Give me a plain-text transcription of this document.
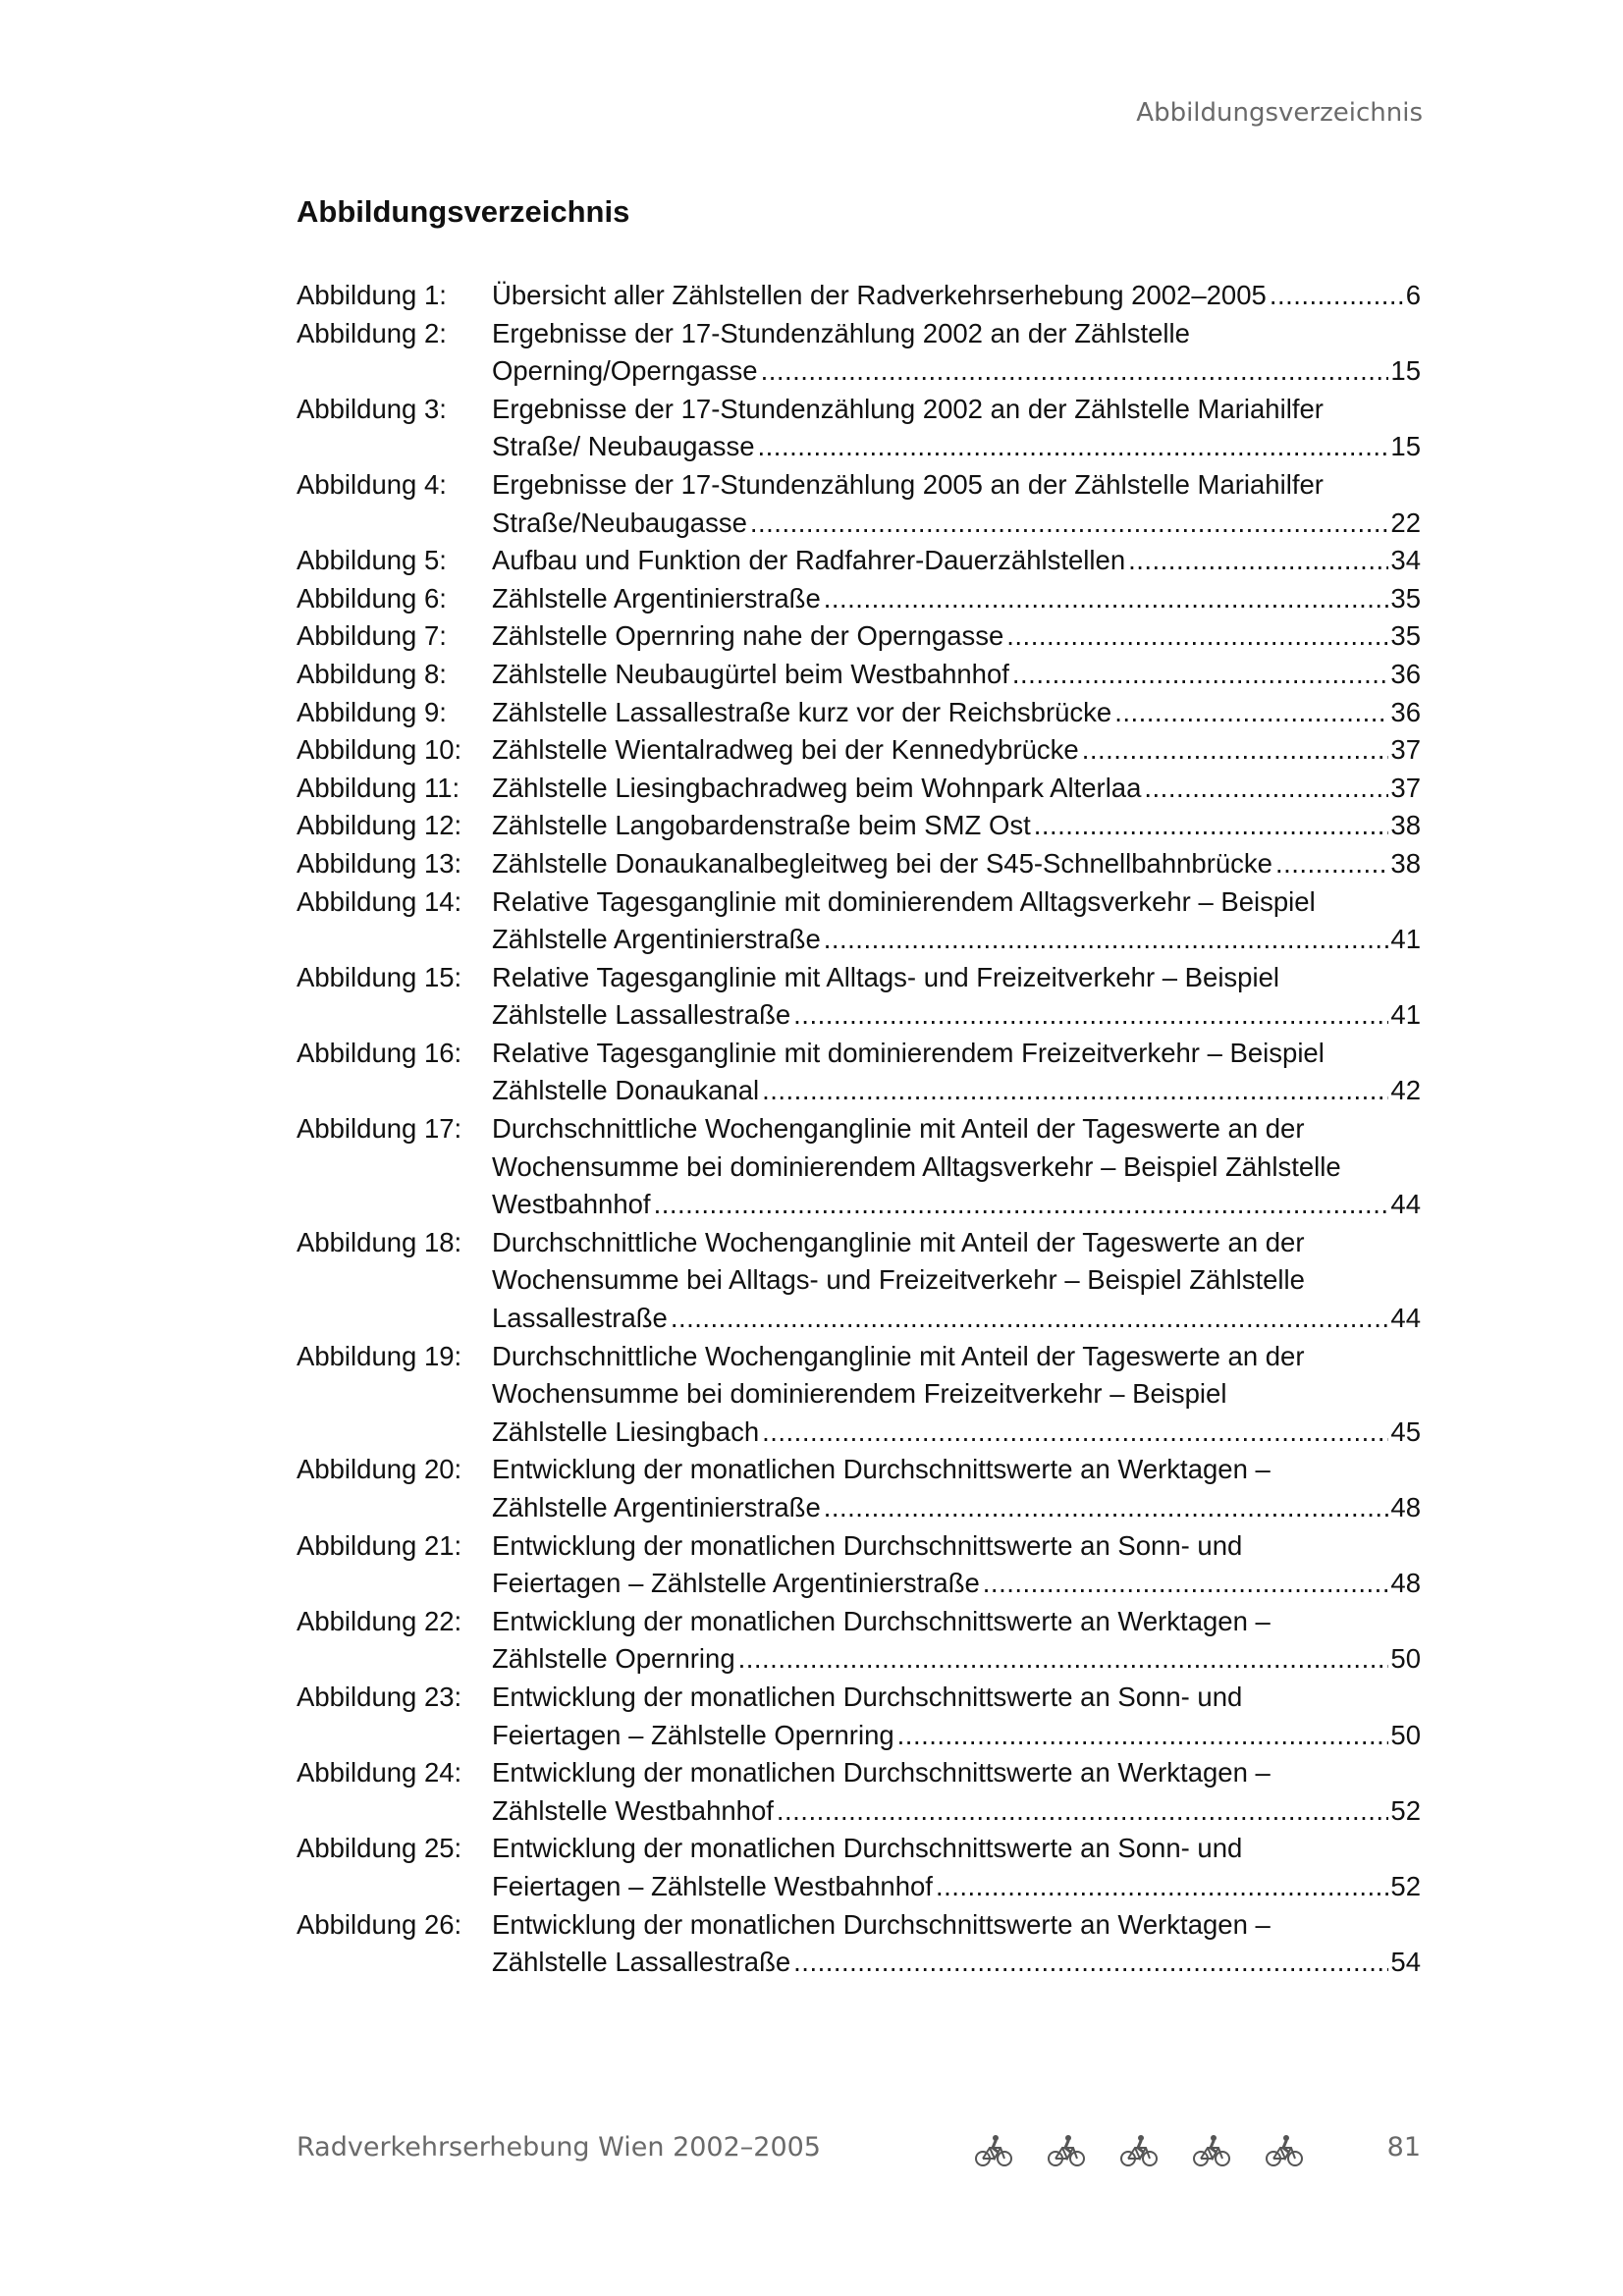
Abbildungsverzeichnis
Abbildungsverzeichnis
Abbildung 1:	Übersicht aller Zählstellen der Radverkehrserhebung 2002–2005 .....	6
Abbildung 2:	Ergebnisse der 17-Stundenzählung 2002 an der Zählstelle
Operning/Operngasse .....	15
Abbildung 3:	Ergebnisse der 17-Stundenzählung 2002 an der Zählstelle Mariahilfer
Straße/ Neubaugasse .....	15
Abbildung 4:	Ergebnisse der 17-Stundenzählung 2005 an der Zählstelle Mariahilfer
Straße/Neubaugasse .....	22
Abbildung 5:	Aufbau und Funktion der Radfahrer-Dauerzählstellen .....	34
Abbildung 6:	Zählstelle Argentinierstraße .....	35
Abbildung 7:	Zählstelle Opernring nahe der Operngasse .....	35
Abbildung 8:	Zählstelle Neubaugürtel beim Westbahnhof .....	36
Abbildung 9:	Zählstelle Lassallestraße kurz vor der Reichsbrücke .....	36
Abbildung 10:	Zählstelle Wientalradweg bei der Kennedybrücke .....	37
Abbildung 11:	Zählstelle Liesingbachradweg beim Wohnpark Alterlaa .....	37
Abbildung 12:	Zählstelle Langobardenstraße beim SMZ Ost .....	38
Abbildung 13:	Zählstelle Donaukanalbegleitweg bei der S45-Schnellbahnbrücke .....	38
Abbildung 14:	Relative Tagesganglinie mit dominierendem Alltagsverkehr – Beispiel
Zählstelle Argentinierstraße .....	41
Abbildung 15:	Relative Tagesganglinie mit Alltags- und Freizeitverkehr – Beispiel
Zählstelle Lassallestraße .....	41
Abbildung 16:	Relative Tagesganglinie mit dominierendem Freizeitverkehr – Beispiel
Zählstelle Donaukanal .....	42
Abbildung 17:	Durchschnittliche Wochenganglinie mit Anteil der Tageswerte an der
Wochensumme bei dominierendem Alltagsverkehr – Beispiel Zählstelle
Westbahnhof .....	44
Abbildung 18:	Durchschnittliche Wochenganglinie mit Anteil der Tageswerte an der
Wochensumme bei Alltags- und Freizeitverkehr – Beispiel Zählstelle
Lassallestraße .....	44
Abbildung 19:	Durchschnittliche Wochenganglinie mit Anteil der Tageswerte an der
Wochensumme bei dominierendem Freizeitverkehr – Beispiel
Zählstelle Liesingbach .....	45
Abbildung 20:	Entwicklung der monatlichen Durchschnittswerte an Werktagen –
Zählstelle Argentinierstraße .....	48
Abbildung 21:	Entwicklung der monatlichen Durchschnittswerte an Sonn- und
Feiertagen – Zählstelle Argentinierstraße .....	48
Abbildung 22:	Entwicklung der monatlichen Durchschnittswerte an Werktagen –
Zählstelle Opernring .....	50
Abbildung 23:	Entwicklung der monatlichen Durchschnittswerte an Sonn- und
Feiertagen – Zählstelle Opernring .....	50
Abbildung 24:	Entwicklung der monatlichen Durchschnittswerte an Werktagen –
Zählstelle Westbahnhof .....	52
Abbildung 25:	Entwicklung der monatlichen Durchschnittswerte an Sonn- und
Feiertagen – Zählstelle Westbahnhof .....	52
Abbildung 26:	Entwicklung der monatlichen Durchschnittswerte an Werktagen –
Zählstelle Lassallestraße .....	54
Radverkehrserhebung Wien 2002–2005	81
